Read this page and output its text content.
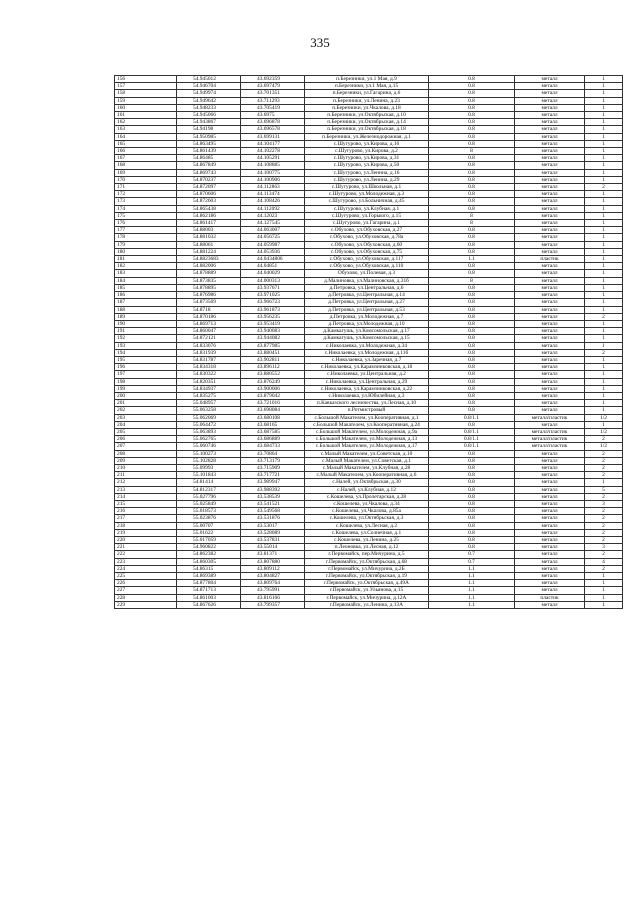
335
156	54.945012	43.692359	п.Березники, ул.1 Мая, д.9	0.8	металл	1
157	54.946704	43.697479	п.Березники, ул.1 Мая, д.15	0.8	металл	1
158	54.949974	43.701351	п.Березники, ул.Гагарина, д.6	0.8	металл	1
159	54.949642	43.711293	п.Березники, ул.Ленина, д.23	0.8	металл	1
160	54.948233	43.705419	п.Березники, ул.Чкалова, д.18	0.8	металл	1
161	54.945066	43.6975	п.Березники, ул.Октябрьская, д.10	0.8	металл	1
162	54.943867	43.696878	п.Березники, ул.Октябрьская, д.14	0.8	металл	1
163	54.94198	43.696578	п.Березники, ул.Октябрьская, д.18	0.8	металл	1
164	54.950985	43.699131	п.Березники, ул.Железнодорожная, д.1	0.8	металл	1
165	54.863495	44.104177	с.Шугурово, ул.Кирова, д.16	0.8	металл	1
166	54.861439	44.102278	с.Шугурово, ул.Кирова, д.2	8	металл	1
167	54.86485	44.105291	с.Шугурово, ул.Кирова, д.31	0.8	металл	1
168	54.867849	44.108885	с.Шугурово, ул.Кирова, д.50	0.8	металл	1
169	54.869743	44.100775	с.Шугурово, ул.Ленина, д.16	0.8	металл	1
170	54.870237	44.100906	с.Шугурово, ул.Ленина, д.29	0.8	металл	1
171	54.872097	44.112863	с.Шугурово, ул.Школьная, д.1	0.8	металл	2
172	54.870606	44.113474	с.Шугурово, ул.Молодежная, д.3	0.8	металл	1
173	54.872603	44.108426	с.Шугурово, ул.Больничная, д.45	0.8	металл	1
174	54.865438	44.112092	с.Шугурово, ул.Клубная, д.1	0.8	металл	1
175	54.862186	44.12023	с.Шугурово, ул.Горького, д.15	8	металл	1
176	54.861417	44.127545	с.Шугурово, ул.Гагарина, д.1	8	металл	1
177	54.88003	44.063007	с.Обухово, ул.Обуховская, д.27	0.8	металл	1
178	54.881032	44.056725	с.Обухово, ул.Обуховская, д.78а	0.8	металл	1
179	54.88061	44.059987	с.Обухово, ул.Обуховская, д.60	0.8	металл	1
180	54.881224	44.053936	с.Обухово, ул.Обуховская, д.75	0.8	металл	1
181	54.8823683	44.0434806	с.Обухово, ул.Обуховская, д.117	1.1	пластик	1
182	54.882006	44.04851	с.Обухово, ул.Обуховская, д.110	0.8	металл	1
183	54.878889	44.040029	Обухово, ул.Полевая, д.3	0.8	металл	1
184	54.873835	44.000313	д.Малиновка, ул.Малиновская, д.31б	8	металл	1
185	54.878895	43.937671	д.Петровка, ул.Центральная, д.6	0.8	металл	1
186	54.876986	43.971025	д.Петровка, ул.Центральная, д.14	0.8	металл	1
187	54.873569	43.966723	д.Петровка, ул.Центральная, д.27	0.8	металл	1
188	54.8718	43.961873	д.Петровка, ул.Центральная, д.53	0.8	металл	1
189	54.870186	43.956235	д.Петровка, ул.Молодежная, д.7	0.8	металл	2
190	54.869713	43.953419	д.Петровка, ул.Молодежная, д.10	0.8	металл	1
191	54.860047	43.940083	д.Камкагушь, ул.Комсомольская, д.17	0.8	металл	1
192	54.872121	43.944082	д.Камкагушь, ул.Комсомольская, д.15	0.8	металл	1
193	54.833076	43.877985	с.Николаевка, ул.Молодежная, д.34	0.8	металл	1
194	54.831939	43.880451	с.Николаевка, ул.Молодежная, д.11б	0.8	металл	2
195	54.831787	43.902811	с.Николаевка, ул.Заречная, д.7	0.8	металл	1
196	54.834318	43.896112	с.Николаевка, ул.Карамзинковская, д.18	0.8	металл	1
197	54.830322	43.880552	с.Николаевка, ул.Центральная, д.2	0.8	металл	1
198	54.820351	43.876249	с.Николаевка, ул.Центральная, д.29	0.8	металл	1
199	54.834937	43.900006	с.Николаевка, ул.Карамзинковская, д.22	0.8	металл	1
200	54.835275	43.879042	с.Николаевка, ул.Юбилейная, д.3	0.8	металл	1
201	55.048957	43.721016	п.Кавказского лесничества, ул.Лесная, д.10	0.8	металл	1
202	55.063258	43.698084	п.Ротмистровый	0.8	металл	1
203	55.062069	43.680108	с.Большой Макателем, ул.Кооперативная, д.1	0.8/1.1	металл/пластик	1/2
204	55.064472	43.68165	с.Большой Макателем, ул.Кооперативная, д.24	0.8	металл	1
205	55.063893	43.687585	с.Большой Макателем, ул.Молодежная, д.9а	0.8/1.1	металл/пластик	1/2
206	55.062765	43.686889	с.Большой Макателем, ул.Молодежная, д.13	0.8/1.1	металл/пластик	2
207	55.060746	43.684733	с.Большой Макателем, ул.Молодежная, д.17	0.8/1.1	металл/пластик	1/2
208	55.100273	43.70864	с.Малый Макателем, ул.Советская, д.10	0.8	металл	2
209	55.102828	43.713179	с.Малый Макателем, ул.Советская, д.1	0.8	металл	2
210	55.09993	43.715909	с.Малый Макателем, ул.Клубная, д.28	0.8	металл	2
211	55.101843	43.717721	с.Малый Макателем, ул.Кооперативная, д.6	0.8	металл	2
212	54.81414	43.989947	с.Налей, ул.Октябрьская, д.30	0.8	металл	1
213	54.812317	43.988392	с.Налей, ул.Клубная, д.12	0.8	металл	5
214	55.027796	43.538539	с.Кошелева, ул.Пролетарская, д.28	0.8	металл	2
215	55.025849	43.541521	с.Кошелева, ул.Чкалова, д.34	0.8	металл	3
216	55.018573	43.549568	с.Кошелева, ул.Чкалова, д.85а	0.8	металл	2
217	55.023876	43.531876	с.Кошелева, ул.Октябрьская, д.3	0.8	металл	2
218	55.00707	43.53017	с.Кошелева, ул.Лесная, д.2	0.8	металл	2
219	55.01622	43.528089	с.Кошелева, ул.Солнечная, д.1	0.8	металл	2
220	55.017059	43.537831	с.Кошелева, ул.Ленина, д.25	0.8	металл	2
221	54.960822	43.55014	п.Леоновка, ул.Лесная, д.12	0.8	металл	3
222	54.862382	43.81371	г.Первомайск, пер.Мичурина, д.5	0.7	металл	2
223	54.860305	43.807880	г.Первомайск, ул.Октябрьская, д.68	0.7	металл	4
224	54.86315	43.809112	г.Первомайск, ул.Мичурина, д.2Б	1.1	металл	2
225	54.869389	43.804827	г.Первомайск, ул.Октябрьская, д.19	1.1	металл	1
226	54.877804	43.809764	г.Первомайск, ул.Октябрьская, д.49А	1.1	металл	1
227	54.871713	43.795991	г.Первомайск, ул.Ульянова, д.15	1.1	металл	1
228	54.861003	43.816166	г.Первомайск, ул.Мичурина, д.12А	1.1	пластик	1
229	54.867626	43.799357	г.Первомайск, ул.Ленина, д.13А	1.1	металл	1
